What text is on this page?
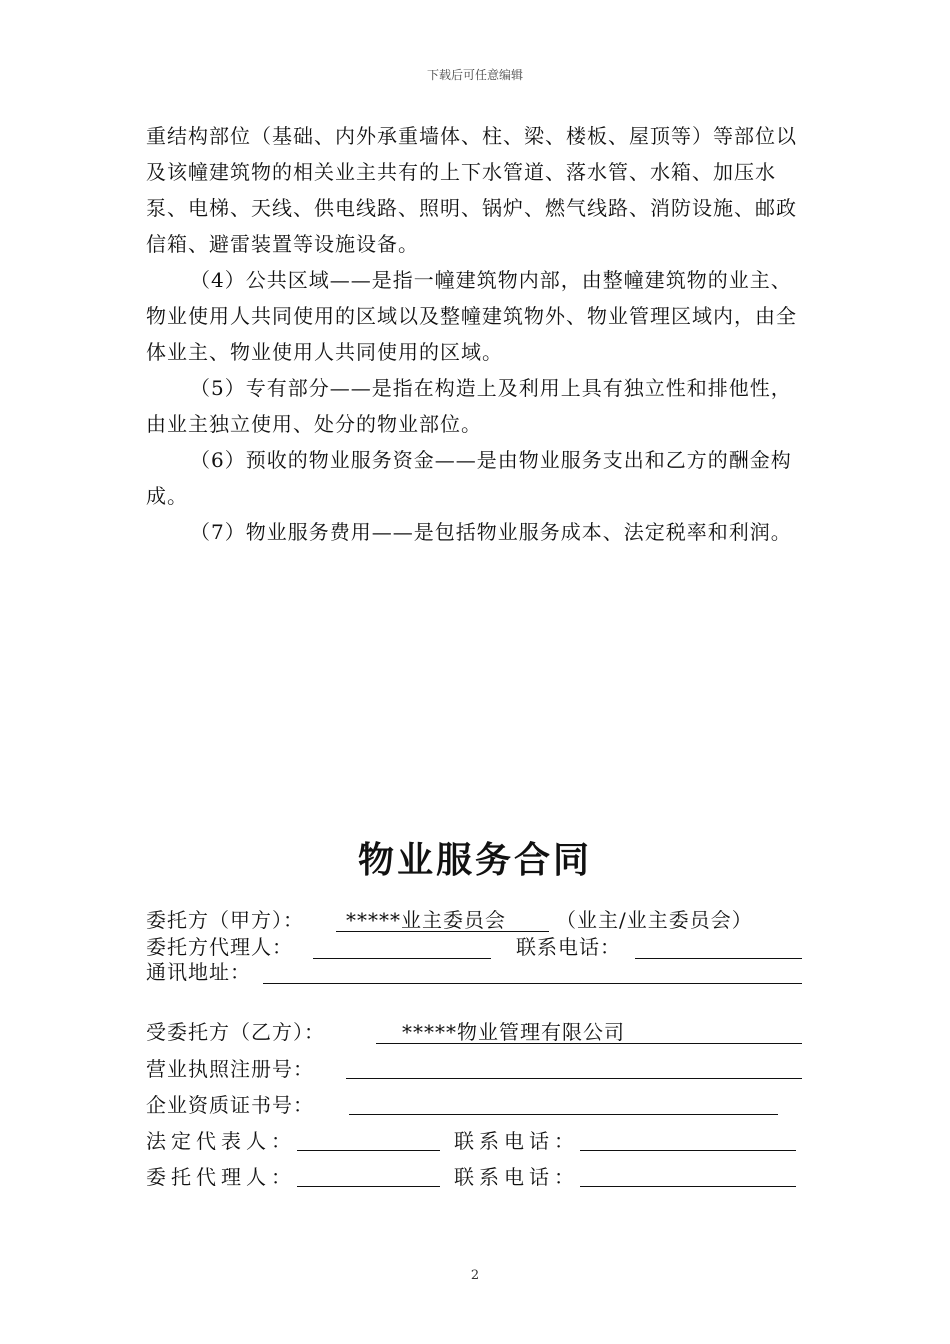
下载后可任意编辑

重结构部位（基础、内外承重墙体、柱、梁、楼板、屋顶等）等部位以及该幢建筑物的相关业主共有的上下水管道、落水管、水箱、加压水泵、电梯、天线、供电线路、照明、锅炉、燃气线路、消防设施、邮政信箱、避雷装置等设施设备。

（4）公共区域——是指一幢建筑物内部，由整幢建筑物的业主、物业使用人共同使用的区域以及整幢建筑物外、物业管理区域内，由全体业主、物业使用人共同使用的区域。

（5）专有部分——是指在构造上及利用上具有独立性和排他性，由业主独立使用、处分的物业部位。

（6）预收的物业服务资金——是由物业服务支出和乙方的酬金构成。

（7）物业服务费用——是包括物业服务成本、法定税率和利润。

物业服务合同
委托方（甲方）： *****业主委员会	（业主/业主委员会）
委托方代理人：	联系电话：
通讯地址：
受委托方（乙方）：	*****物业管理有限公司
营业执照注册号：
企业资质证书号：
法定代表人：	联系电话：
委托代理人：	联系电话：
2
